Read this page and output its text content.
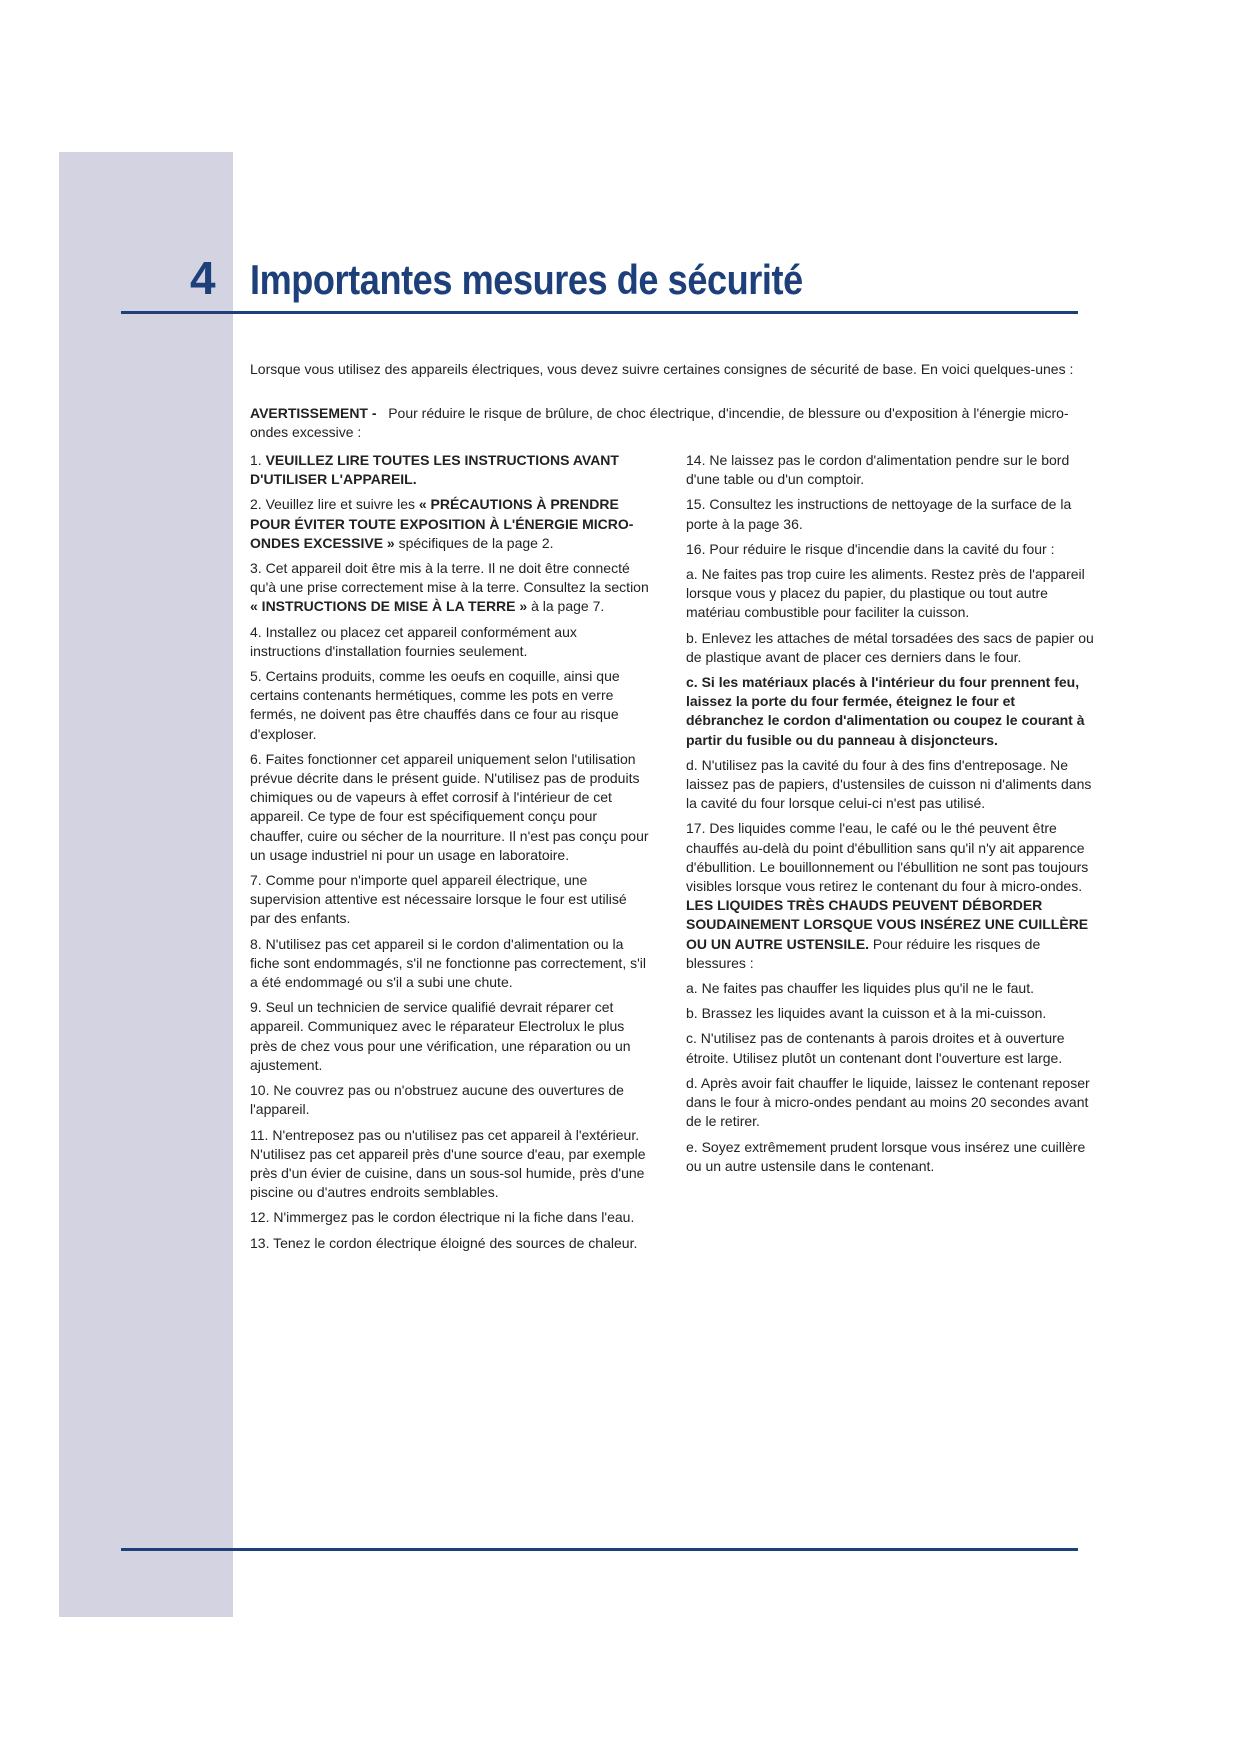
4 Importantes mesures de sécurité
Lorsque vous utilisez des appareils électriques, vous devez suivre certaines consignes de sécurité de base. En voici quelques-unes :
AVERTISSEMENT - Pour réduire le risque de brûlure, de choc électrique, d'incendie, de blessure ou d'exposition à l'énergie micro-ondes excessive :
1. VEUILLEZ LIRE TOUTES LES INSTRUCTIONS AVANT D'UTILISER L'APPAREIL.
2. Veuillez lire et suivre les « PRÉCAUTIONS À PRENDRE POUR ÉVITER TOUTE EXPOSITION À L'ÉNERGIE MICRO-ONDES EXCESSIVE » spécifiques de la page 2.
3. Cet appareil doit être mis à la terre. Il ne doit être connecté qu'à une prise correctement mise à la terre. Consultez la section « INSTRUCTIONS DE MISE À LA TERRE » à la page 7.
4. Installez ou placez cet appareil conformément aux instructions d'installation fournies seulement.
5. Certains produits, comme les oeufs en coquille, ainsi que certains contenants hermétiques, comme les pots en verre fermés, ne doivent pas être chauffés dans ce four au risque d'exploser.
6. Faites fonctionner cet appareil uniquement selon l'utilisation prévue décrite dans le présent guide. N'utilisez pas de produits chimiques ou de vapeurs à effet corrosif à l'intérieur de cet appareil. Ce type de four est spécifiquement conçu pour chauffer, cuire ou sécher de la nourriture. Il n'est pas conçu pour un usage industriel ni pour un usage en laboratoire.
7. Comme pour n'importe quel appareil électrique, une supervision attentive est nécessaire lorsque le four est utilisé par des enfants.
8. N'utilisez pas cet appareil si le cordon d'alimentation ou la fiche sont endommagés, s'il ne fonctionne pas correctement, s'il a été endommagé ou s'il a subi une chute.
9. Seul un technicien de service qualifié devrait réparer cet appareil. Communiquez avec le réparateur Electrolux le plus près de chez vous pour une vérification, une réparation ou un ajustement.
10. Ne couvrez pas ou n'obstruez aucune des ouvertures de l'appareil.
11. N'entreposez pas ou n'utilisez pas cet appareil à l'extérieur. N'utilisez pas cet appareil près d'une source d'eau, par exemple près d'un évier de cuisine, dans un sous-sol humide, près d'une piscine ou d'autres endroits semblables.
12. N'immergez pas le cordon électrique ni la fiche dans l'eau.
13. Tenez le cordon électrique éloigné des sources de chaleur.
14. Ne laissez pas le cordon d'alimentation pendre sur le bord d'une table ou d'un comptoir.
15. Consultez les instructions de nettoyage de la surface de la porte à la page 36.
16. Pour réduire le risque d'incendie dans la cavité du four :
a. Ne faites pas trop cuire les aliments. Restez près de l'appareil lorsque vous y placez du papier, du plastique ou tout autre matériau combustible pour faciliter la cuisson.
b. Enlevez les attaches de métal torsadées des sacs de papier ou de plastique avant de placer ces derniers dans le four.
c. Si les matériaux placés à l'intérieur du four prennent feu, laissez la porte du four fermée, éteignez le four et débranchez le cordon d'alimentation ou coupez le courant à partir du fusible ou du panneau à disjoncteurs.
d. N'utilisez pas la cavité du four à des fins d'entreposage. Ne laissez pas de papiers, d'ustensiles de cuisson ni d'aliments dans la cavité du four lorsque celui-ci n'est pas utilisé.
17. Des liquides comme l'eau, le café ou le thé peuvent être chauffés au-delà du point d'ébullition sans qu'il n'y ait apparence d'ébullition. Le bouillonnement ou l'ébullition ne sont pas toujours visibles lorsque vous retirez le contenant du four à micro-ondes. LES LIQUIDES TRÈS CHAUDS PEUVENT DÉBORDER SOUDAINEMENT LORSQUE VOUS INSÉREZ UNE CUILLÈRE OU UN AUTRE USTENSILE. Pour réduire les risques de blessures :
a. Ne faites pas chauffer les liquides plus qu'il ne le faut.
b. Brassez les liquides avant la cuisson et à la mi-cuisson.
c. N'utilisez pas de contenants à parois droites et à ouverture étroite. Utilisez plutôt un contenant dont l'ouverture est large.
d. Après avoir fait chauffer le liquide, laissez le contenant reposer dans le four à micro-ondes pendant au moins 20 secondes avant de le retirer.
e. Soyez extrêmement prudent lorsque vous insérez une cuillère ou un autre ustensile dans le contenant.
